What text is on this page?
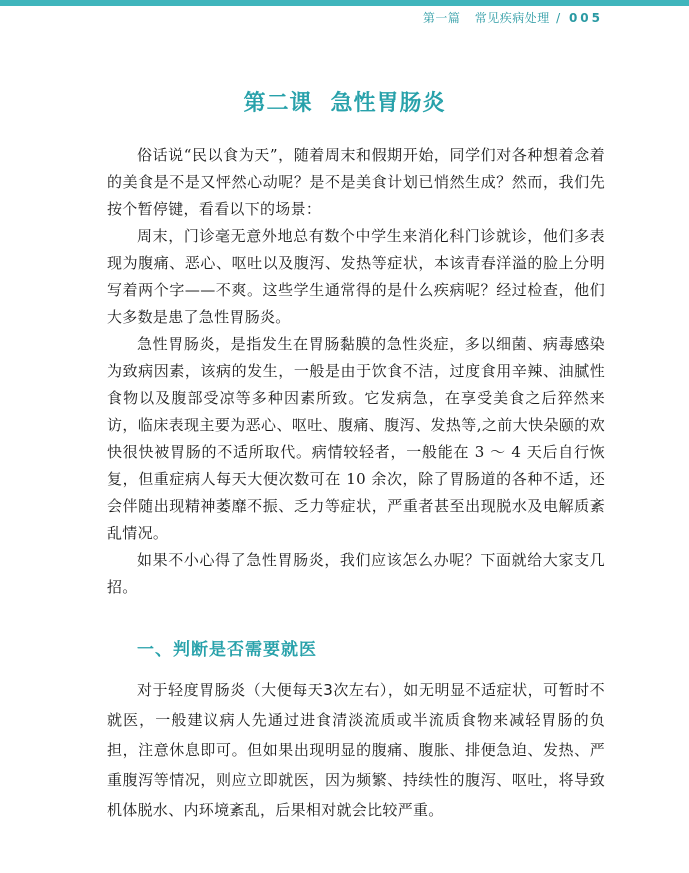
第一篇 常见疾病处理 / 005
第二课 急性胃肠炎

俗话说“民以食为天”，随着周末和假期开始，同学们对各种想着念着的美食是不是又怦然心动呢？是不是美食计划已悄然生成？然而，我们先按个暂停键，看看以下的场景：

周末，门诊毫无意外地总有数个中学生来消化科门诊就诊，他们多表现为腹痛、恶心、呕吐以及腹泻、发热等症状，本该青春洋溢的脸上分明写着两个字——不爽。这些学生通常得的是什么疾病呢？经过检查，他们大多数是患了急性胃肠炎。

急性胃肠炎，是指发生在胃肠黏膜的急性炎症，多以细菌、病毒感染为致病因素，该病的发生，一般是由于饮食不洁，过度食用辛辣、油腻性食物以及腹部受凉等多种因素所致。它发病急，在享受美食之后猝然来访，临床表现主要为恶心、呕吐、腹痛、腹泻、发热等,之前大快朵颐的欢快很快被胃肠的不适所取代。病情较轻者，一般能在 3 ～ 4 天后自行恢复，但重症病人每天大便次数可在 10 余次，除了胃肠道的各种不适，还会伴随出现精神萎靡不振、乏力等症状，严重者甚至出现脱水及电解质紊乱情况。

如果不小心得了急性胃肠炎，我们应该怎么办呢？下面就给大家支几招。

一、判断是否需要就医

对于轻度胃肠炎（大便每天3次左右），如无明显不适症状，可暂时不就医，一般建议病人先通过进食清淡流质或半流质食物来减轻胃肠的负担，注意休息即可。但如果出现明显的腹痛、腹胀、排便急迫、发热、严重腹泻等情况，则应立即就医，因为频繁、持续性的腹泻、呕吐，将导致机体脱水、内环境紊乱，后果相对就会比较严重。
